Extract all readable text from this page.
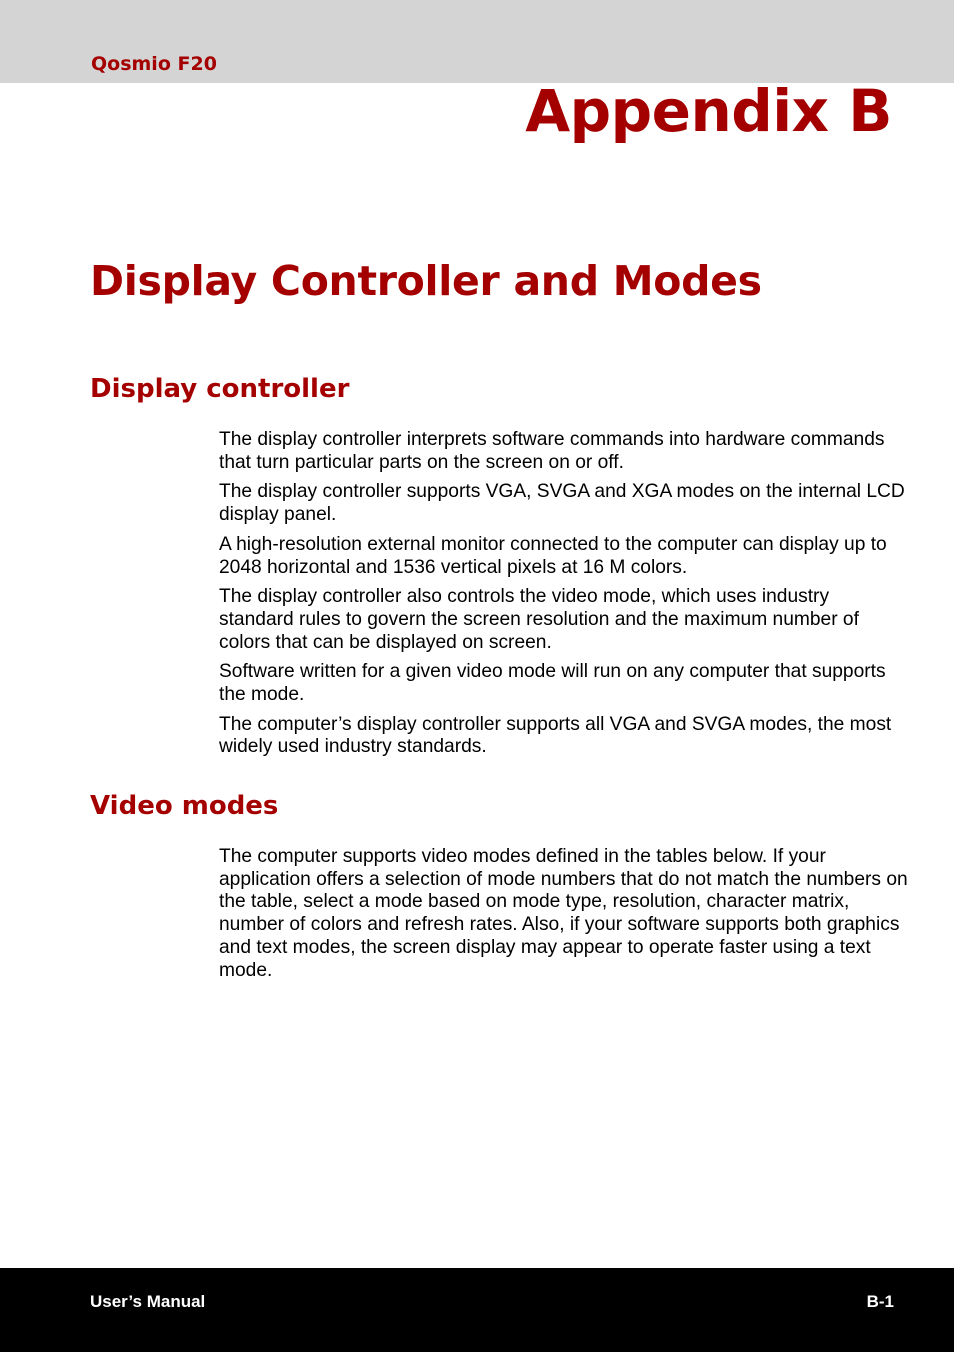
Qosmio F20
Appendix B
Display Controller and Modes
Display controller

The display controller interprets software commands into hardware commands that turn particular parts on the screen on or off.

The display controller supports VGA, SVGA and XGA modes on the internal LCD display panel.

A high-resolution external monitor connected to the computer can display up to 2048 horizontal and 1536 vertical pixels at 16 M colors.

The display controller also controls the video mode, which uses industry standard rules to govern the screen resolution and the maximum number of colors that can be displayed on screen.

Software written for a given video mode will run on any computer that supports the mode.

The computer’s display controller supports all VGA and SVGA modes, the most widely used industry standards.

Video modes

The computer supports video modes defined in the tables below. If your application offers a selection of mode numbers that do not match the numbers on the table, select a mode based on mode type, resolution, character matrix, number of colors and refresh rates. Also, if your software supports both graphics and text modes, the screen display may appear to operate faster using a text mode.

User’s Manual	B-1
